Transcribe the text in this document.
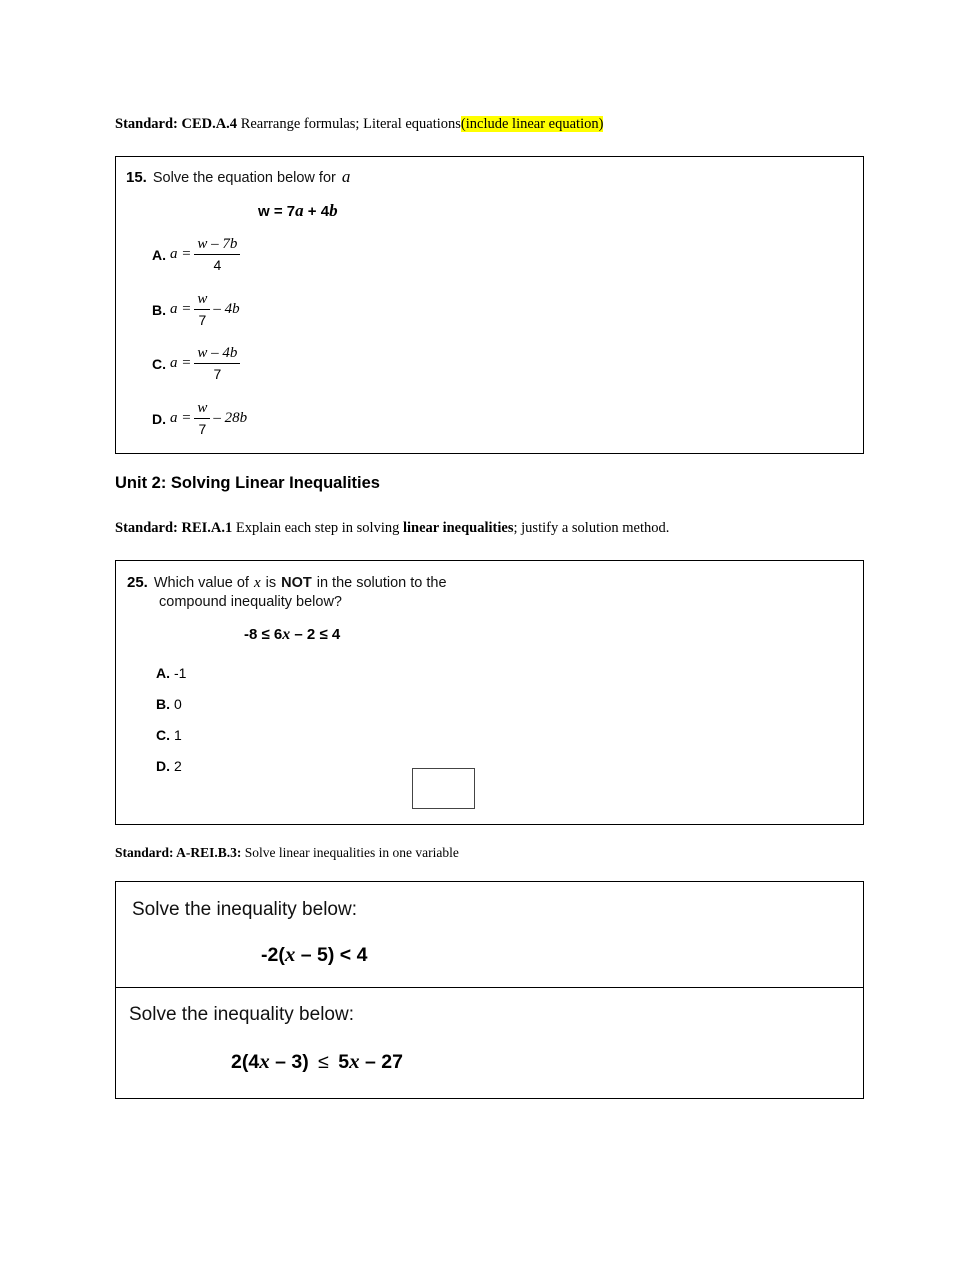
Standard: CED.A.4 Rearrange formulas; Literal equations(include linear equation)
15. Solve the equation below for a
w = 7a + 4b
A. $a = \frac{w - 7b}{4}$
B. $a = \frac{w}{7} - 4b$
C. $a = \frac{w - 4b}{7}$
D. $a = \frac{w}{7} - 28b$
Unit 2: Solving Linear Inequalities
Standard: REI.A.1 Explain each step in solving linear inequalities; justify a solution method.
25. Which value of x is NOT in the solution to the
compound inequality below?
-8 ≤ 6x – 2 ≤ 4
A. -1
B. 0
C. 1
D. 2
Standard: A-REI.B.3: Solve linear inequalities in one variable
Solve the inequality below:
-2(x – 5) < 4
Solve the inequality below:
2(4x – 3) ≤ 5x – 27
